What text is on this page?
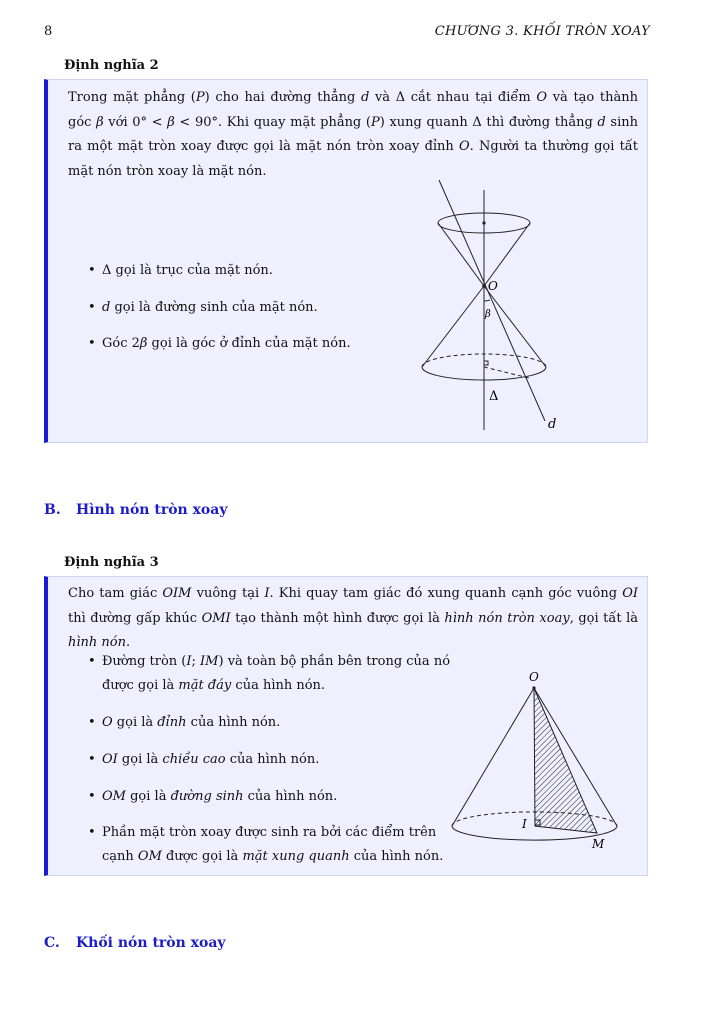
8	CHƯƠNG 3. KHỐI TRÒN XOAY
Định nghĩa 2
Trong mặt phẳng (P) cho hai đường thẳng d và Δ cắt nhau tại điểm O và tạo thành góc β với 0° < β < 90°. Khi quay mặt phẳng (P) xung quanh Δ thì đường thẳng d sinh ra một mặt tròn xoay được gọi là mặt nón tròn xoay đỉnh O. Người ta thường gọi tất mặt nón tròn xoay là mặt nón.
• Δ gọi là trục của mặt nón.
• d gọi là đường sinh của mặt nón.
• Góc 2β gọi là góc ở đỉnh của mặt nón.
O
β
Δ
d
B. Hình nón tròn xoay
Định nghĩa 3
Cho tam giác OIM vuông tại I. Khi quay tam giác đó xung quanh cạnh góc vuông OI thì đường gấp khúc OMI tạo thành một hình được gọi là hình nón tròn xoay, gọi tất là hình nón.
• Đường tròn (I; IM) và toàn bộ phần bên trong của nó được gọi là mặt đáy của hình nón.
• O gọi là đỉnh của hình nón.
• OI gọi là chiều cao của hình nón.
• OM gọi là đường sinh của hình nón.
• Phần mặt tròn xoay được sinh ra bởi các điểm trên cạnh OM được gọi là mặt xung quanh của hình nón.
O
I
M
C. Khối nón tròn xoay
